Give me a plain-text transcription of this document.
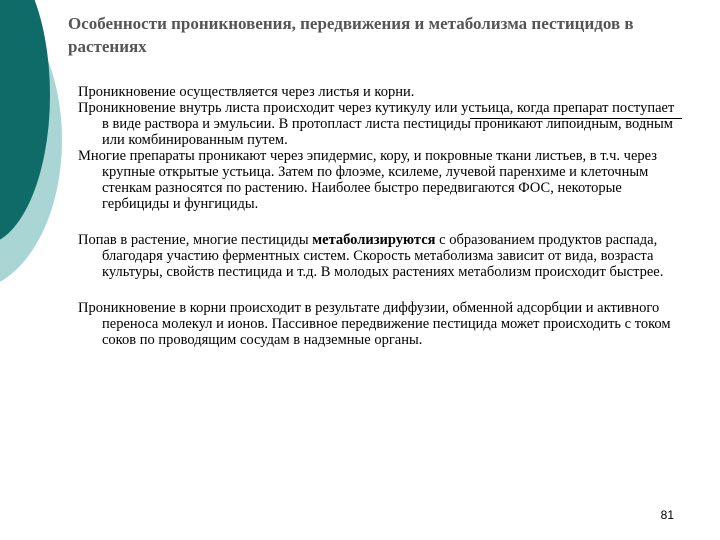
Особенности проникновения, передвижения и метаболизма пестицидов в растениях

Проникновение осуществляется через листья и корни.

Проникновение внутрь листа происходит через кутикулу или устьица, когда препарат поступает в виде раствора и эмульсии. В протопласт листа пестициды проникают липоидным, водным или комбинированным путем.

Многие препараты проникают через эпидермис, кору, и покровные ткани листьев, в т.ч. через крупные открытые устьица. Затем по флоэме, ксилеме, лучевой паренхиме и клеточным стенкам разносятся по растению. Наиболее быстро передвигаются ФОС, некоторые гербициды и фунгициды.

Попав в растение, многие пестициды метаболизируются с образованием продуктов распада, благодаря участию ферментных систем. Скорость метаболизма зависит от вида, возраста культуры, свойств пестицида и т.д. В молодых растениях метаболизм происходит быстрее.

Проникновение в корни происходит в результате диффузии, обменной адсорбции и активного переноса молекул и ионов. Пассивное передвижение пестицида может происходить с током соков по проводящим сосудам в надземные органы.

81
